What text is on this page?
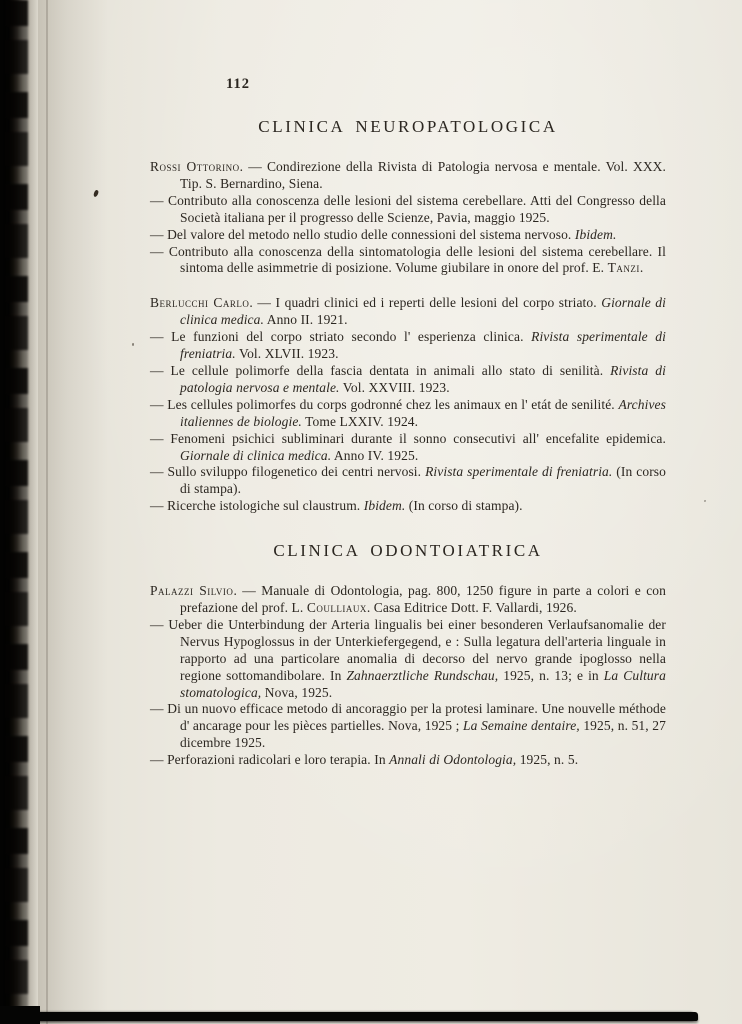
112
CLINICA NEUROPATOLOGICA

Rossi Ottorino. — Condirezione della Rivista di Patologia nervosa e mentale. Vol. XXX. Tip. S. Bernardino, Siena.

— Contributo alla conoscenza delle lesioni del sistema cerebellare. Atti del Congresso della Società italiana per il progresso delle Scienze, Pavia, maggio 1925.

— Del valore del metodo nello studio delle connessioni del sistema nervoso. Ibidem.

— Contributo alla conoscenza della sintomatologia delle lesioni del sistema cerebellare. Il sintoma delle asimmetrie di posizione. Volume giubilare in onore del prof. E. Tanzi.

Berlucchi Carlo. — I quadri clinici ed i reperti delle lesioni del corpo striato. Giornale di clinica medica. Anno II. 1921.

— Le funzioni del corpo striato secondo l' esperienza clinica. Rivista sperimentale di freniatria. Vol. XLVII. 1923.

— Le cellule polimorfe della fascia dentata in animali allo stato di senilità. Rivista di patologia nervosa e mentale. Vol. XXVIII. 1923.

— Les cellules polimorfes du corps godronné chez les animaux en l' etát de senilité. Archives italiennes de biologie. Tome LXXIV. 1924.

— Fenomeni psichici subliminari durante il sonno consecutivi all' encefalite epidemica. Giornale di clinica medica. Anno IV. 1925.

— Sullo sviluppo filogenetico dei centri nervosi. Rivista sperimentale di freniatria. (In corso di stampa).

— Ricerche istologiche sul claustrum. Ibidem. (In corso di stampa).

CLINICA ODONTOIATRICA

Palazzi Silvio. — Manuale di Odontologia, pag. 800, 1250 figure in parte a colori e con prefazione del prof. L. Coulliaux. Casa Editrice Dott. F. Vallardi, 1926.

— Ueber die Unterbindung der Arteria lingualis bei einer besonderen Verlaufsanomalie der Nervus Hypoglossus in der Unterkiefergegend, e : Sulla legatura dell'arteria linguale in rapporto ad una particolare anomalia di decorso del nervo grande ipoglosso nella regione sottomandibolare. In Zahnaerztliche Rundschau, 1925, n. 13; e in La Cultura stomatologica, Nova, 1925.

— Di un nuovo efficace metodo di ancoraggio per la protesi laminare. Une nouvelle méthode d' ancarage pour les pièces partielles. Nova, 1925 ; La Semaine dentaire, 1925, n. 51, 27 dicembre 1925.

— Perforazioni radicolari e loro terapia. In Annali di Odontologia, 1925, n. 5.
